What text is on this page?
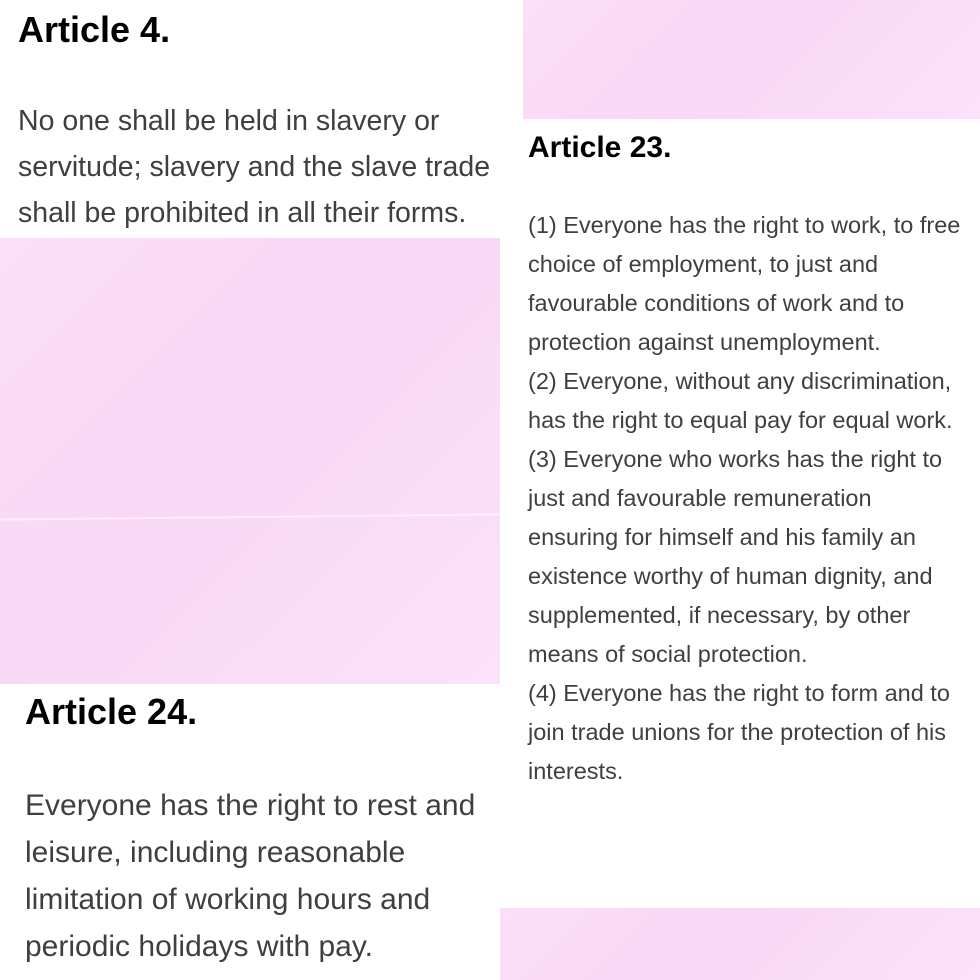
Article 4.
No one shall be held in slavery or servitude; slavery and the slave trade shall be prohibited in all their forms.
Article 23.

(1) Everyone has the right to work, to free choice of employment, to just and favourable conditions of work and to protection against unemployment.

(2) Everyone, without any discrimination, has the right to equal pay for equal work.

(3) Everyone who works has the right to just and favourable remuneration ensuring for himself and his family an existence worthy of human dignity, and supplemented, if necessary, by other means of social protection.

(4) Everyone has the right to form and to join trade unions for the protection of his interests.

Article 24.
Everyone has the right to rest and leisure, including reasonable limitation of working hours and periodic holidays with pay.
